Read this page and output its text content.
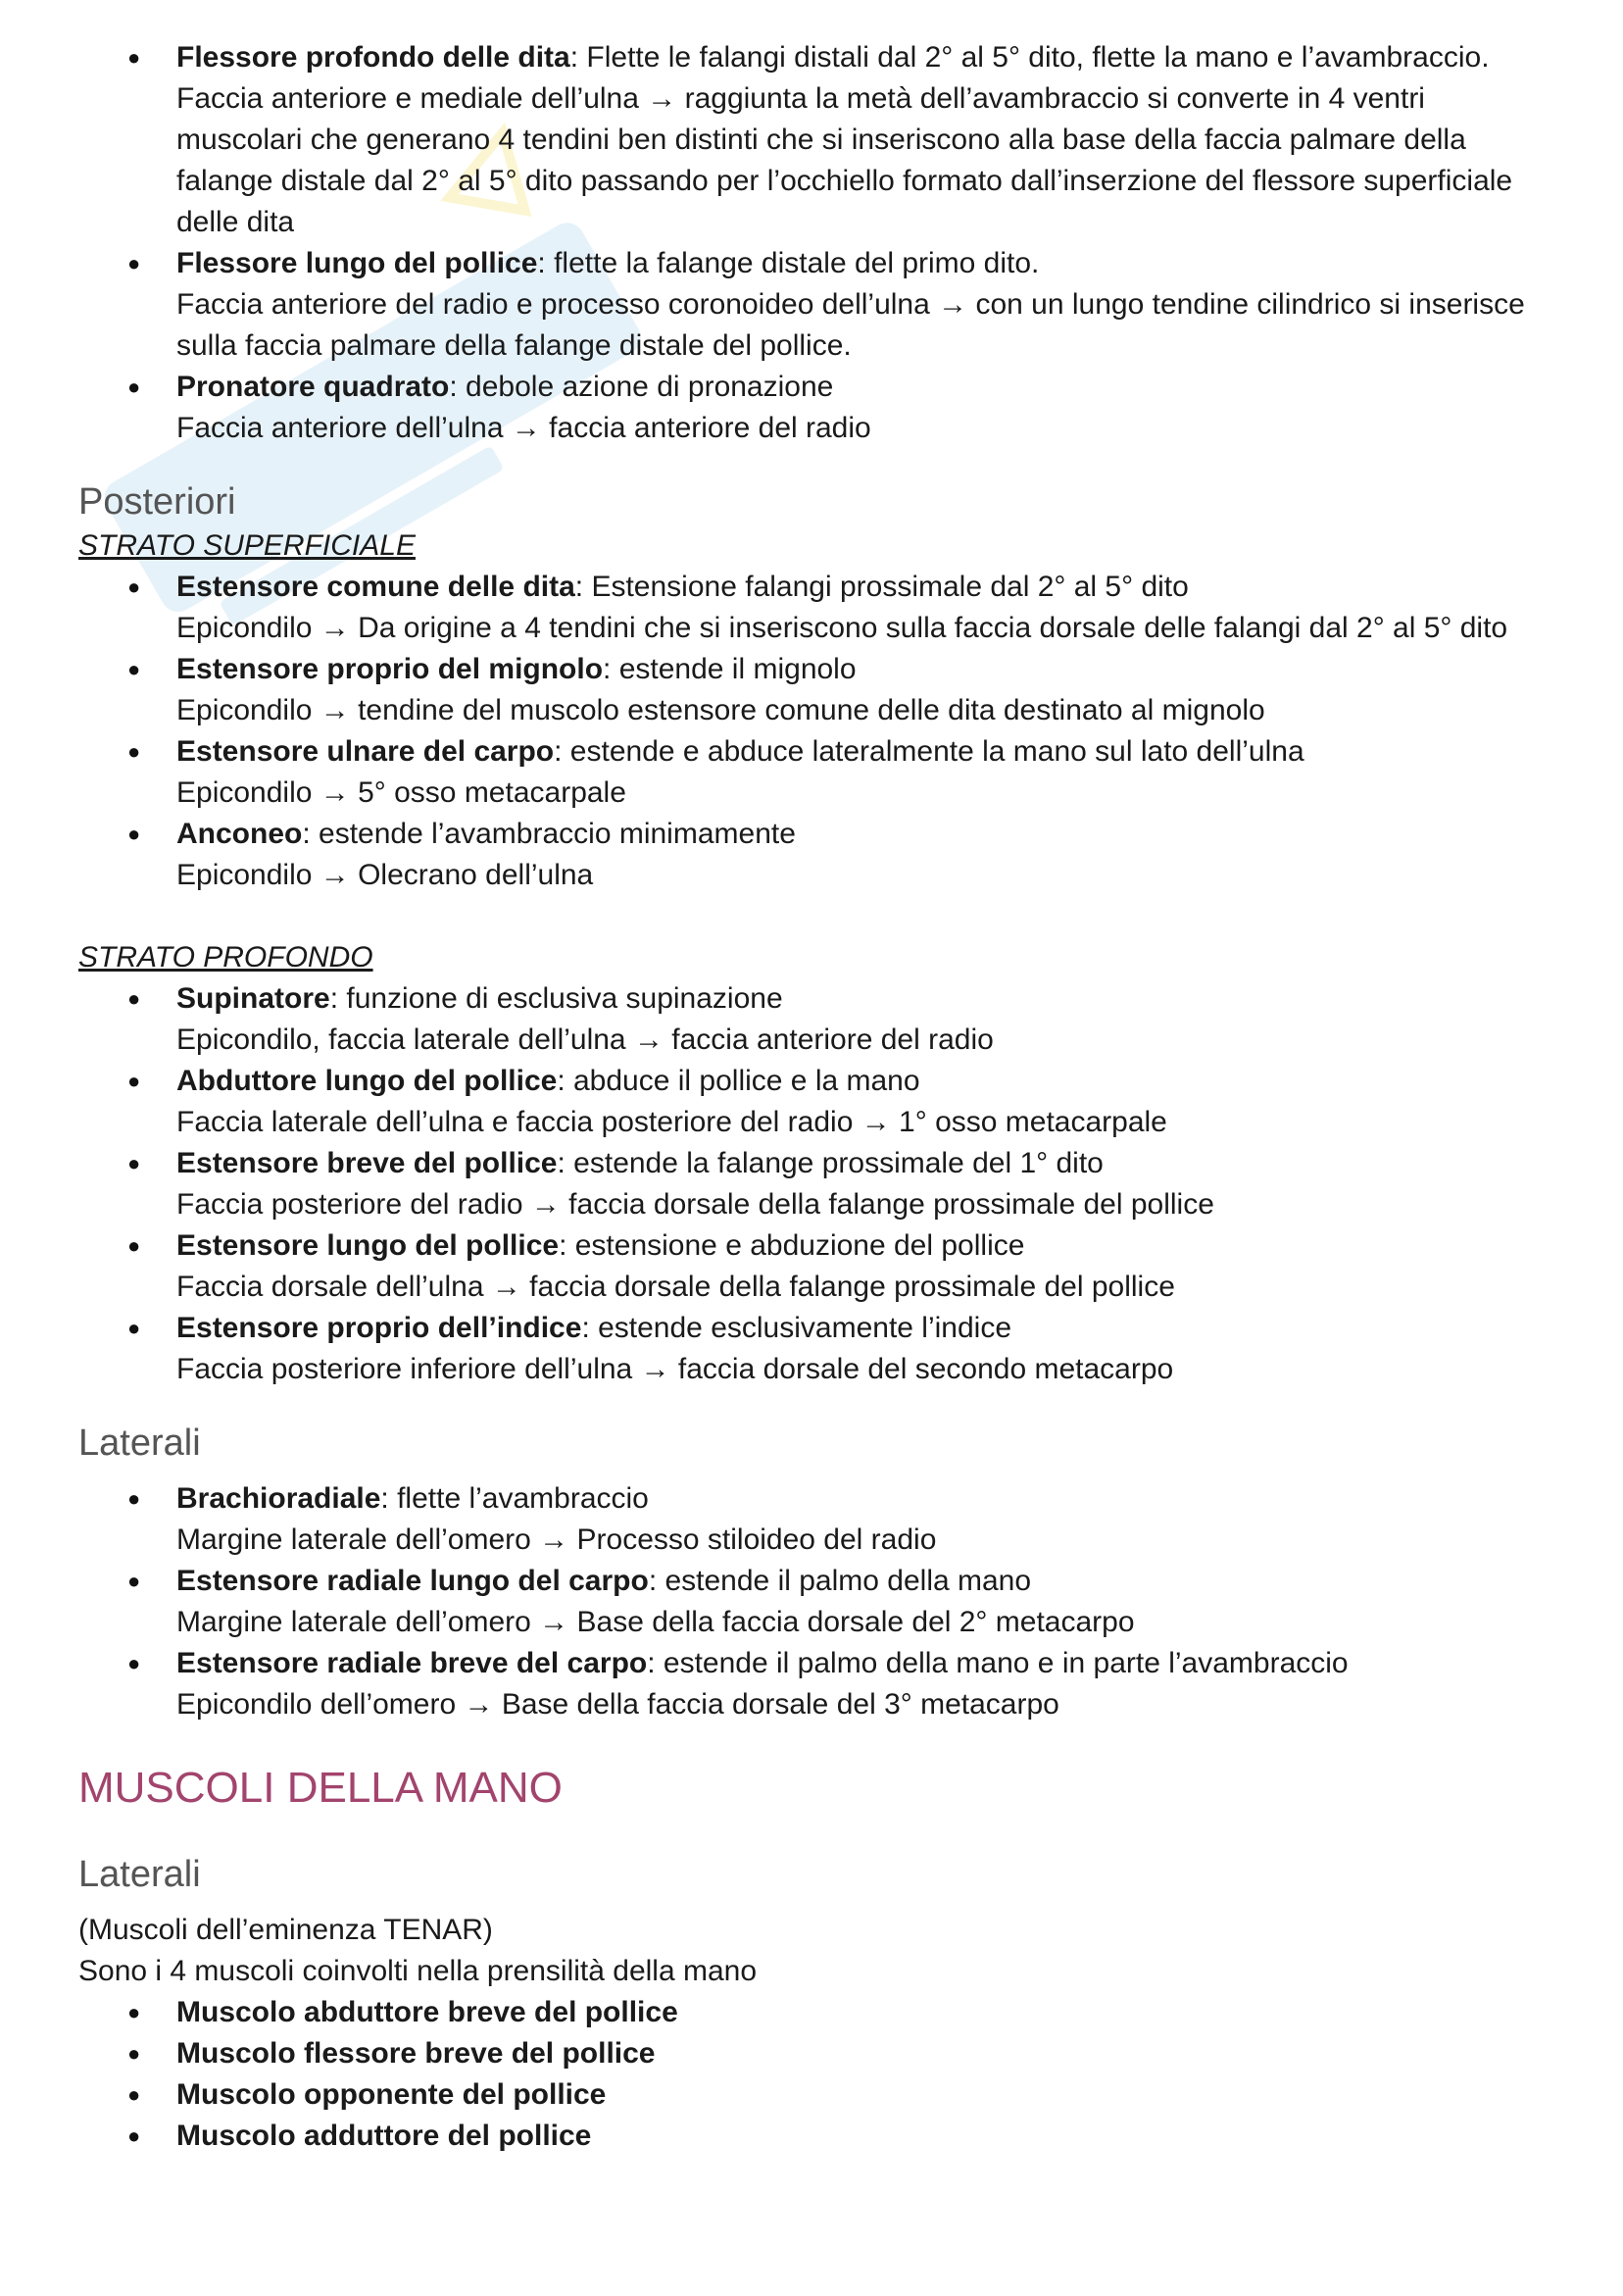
● Flessore profondo delle dita: Flette le falangi distali dal 2° al 5° dito, flette la mano e l’avambraccio.
Faccia anteriore e mediale dell’ulna → raggiunta la metà dell’avambraccio si converte in 4 ventri muscolari che generano 4 tendini ben distinti che si inseriscono alla base della faccia palmare della falange distale dal 2° al 5° dito passando per l’occhiello formato dall’inserzione del flessore superficiale delle dita
● Flessore lungo del pollice: flette la falange distale del primo dito.
Faccia anteriore del radio e processo coronoideo dell’ulna → con un lungo tendine cilindrico si inserisce sulla faccia palmare della falange distale del pollice.
● Pronatore quadrato: debole azione di pronazione
Faccia anteriore dell’ulna → faccia anteriore del radio
Posteriori

STRATO SUPERFICIALE

● Estensore comune delle dita: Estensione falangi prossimale dal 2° al 5° dito
Epicondilo → Da origine a 4 tendini che si inseriscono sulla faccia dorsale delle falangi dal 2° al 5° dito
● Estensore proprio del mignolo: estende il mignolo
Epicondilo → tendine del muscolo estensore comune delle dita destinato al mignolo
● Estensore ulnare del carpo: estende e abduce lateralmente la mano sul lato dell’ulna
Epicondilo → 5° osso metacarpale
● Anconeo: estende l’avambraccio minimamente
Epicondilo → Olecrano dell’ulna

STRATO PROFONDO

● Supinatore: funzione di esclusiva supinazione
Epicondilo, faccia laterale dell’ulna → faccia anteriore del radio
● Abduttore lungo del pollice: abduce il pollice e la mano
Faccia laterale dell’ulna e faccia posteriore del radio → 1° osso metacarpale
● Estensore breve del pollice: estende la falange prossimale del 1° dito
Faccia posteriore del radio → faccia dorsale della falange prossimale del pollice
● Estensore lungo del pollice: estensione e abduzione del pollice
Faccia dorsale dell’ulna → faccia dorsale della falange prossimale del pollice
● Estensore proprio dell’indice: estende esclusivamente l’indice
Faccia posteriore inferiore dell’ulna → faccia dorsale del secondo metacarpo
Laterali
● Brachioradiale: flette l’avambraccio
Margine laterale dell’omero → Processo stiloideo del radio
● Estensore radiale lungo del carpo: estende il palmo della mano
Margine laterale dell’omero → Base della faccia dorsale del 2° metacarpo
● Estensore radiale breve del carpo: estende il palmo della mano e in parte l’avambraccio
Epicondilo dell’omero → Base della faccia dorsale del 3° metacarpo
MUSCOLI DELLA MANO
Laterali

(Muscoli dell’eminenza TENAR)

Sono i 4 muscoli coinvolti nella prensilità della mano

● Muscolo abduttore breve del pollice
● Muscolo flessore breve del pollice
● Muscolo opponente del pollice
● Muscolo adduttore del pollice
